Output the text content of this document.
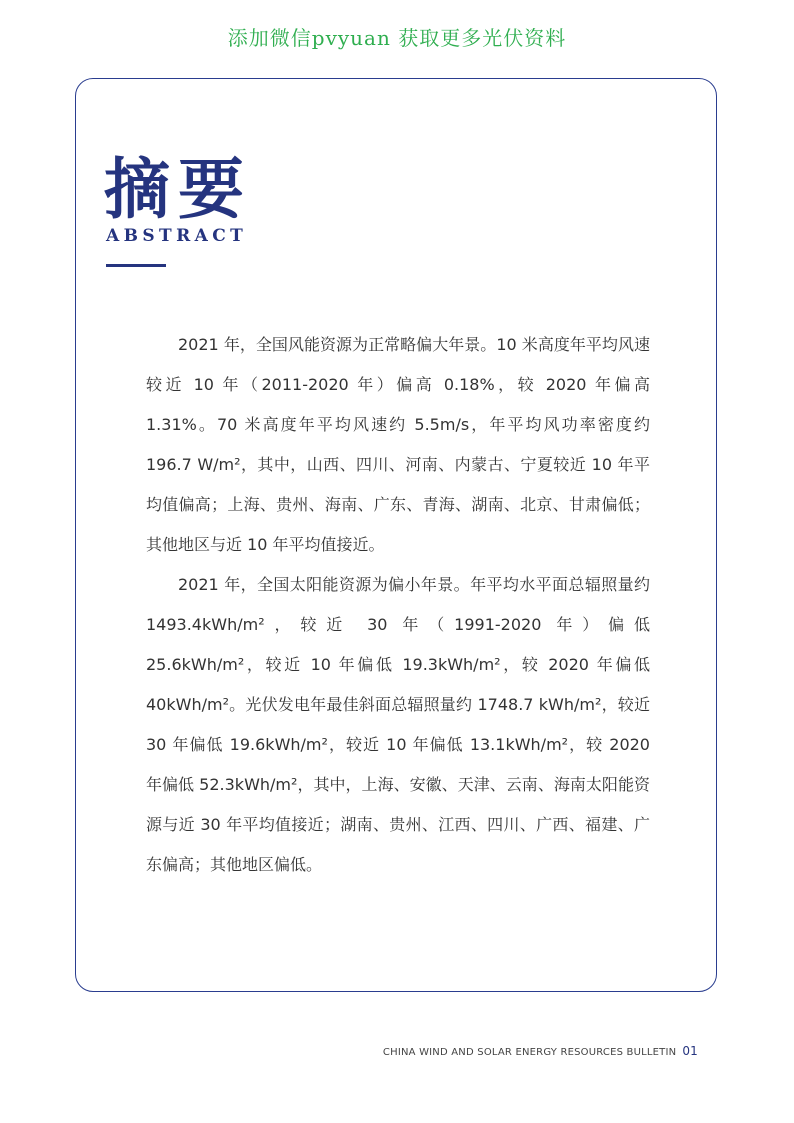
添加微信pvyuan 获取更多光伏资料
摘要
ABSTRACT

2021 年，全国风能资源为正常略偏大年景。10 米高度年平均风速较近 10 年（2011-2020 年）偏高 0.18%，较 2020 年偏高 1.31%。70 米高度年平均风速约 5.5m/s，年平均风功率密度约 196.7 W/m²，其中，山西、四川、河南、内蒙古、宁夏较近 10 年平均值偏高；上海、贵州、海南、广东、青海、湖南、北京、甘肃偏低；其他地区与近 10 年平均值接近。

2021 年，全国太阳能资源为偏小年景。年平均水平面总辐照量约 1493.4kWh/m²，较近 30 年（1991-2020 年）偏低 25.6kWh/m²，较近 10 年偏低 19.3kWh/m²，较 2020 年偏低 40kWh/m²。光伏发电年最佳斜面总辐照量约 1748.7 kWh/m²，较近 30 年偏低 19.6kWh/m²，较近 10 年偏低 13.1kWh/m²，较 2020 年偏低 52.3kWh/m²，其中，上海、安徽、天津、云南、海南太阳能资源与近 30 年平均值接近；湖南、贵州、江西、四川、广西、福建、广东偏高；其他地区偏低。

CHINA WIND AND SOLAR ENERGY RESOURCES BULLETIN 01
